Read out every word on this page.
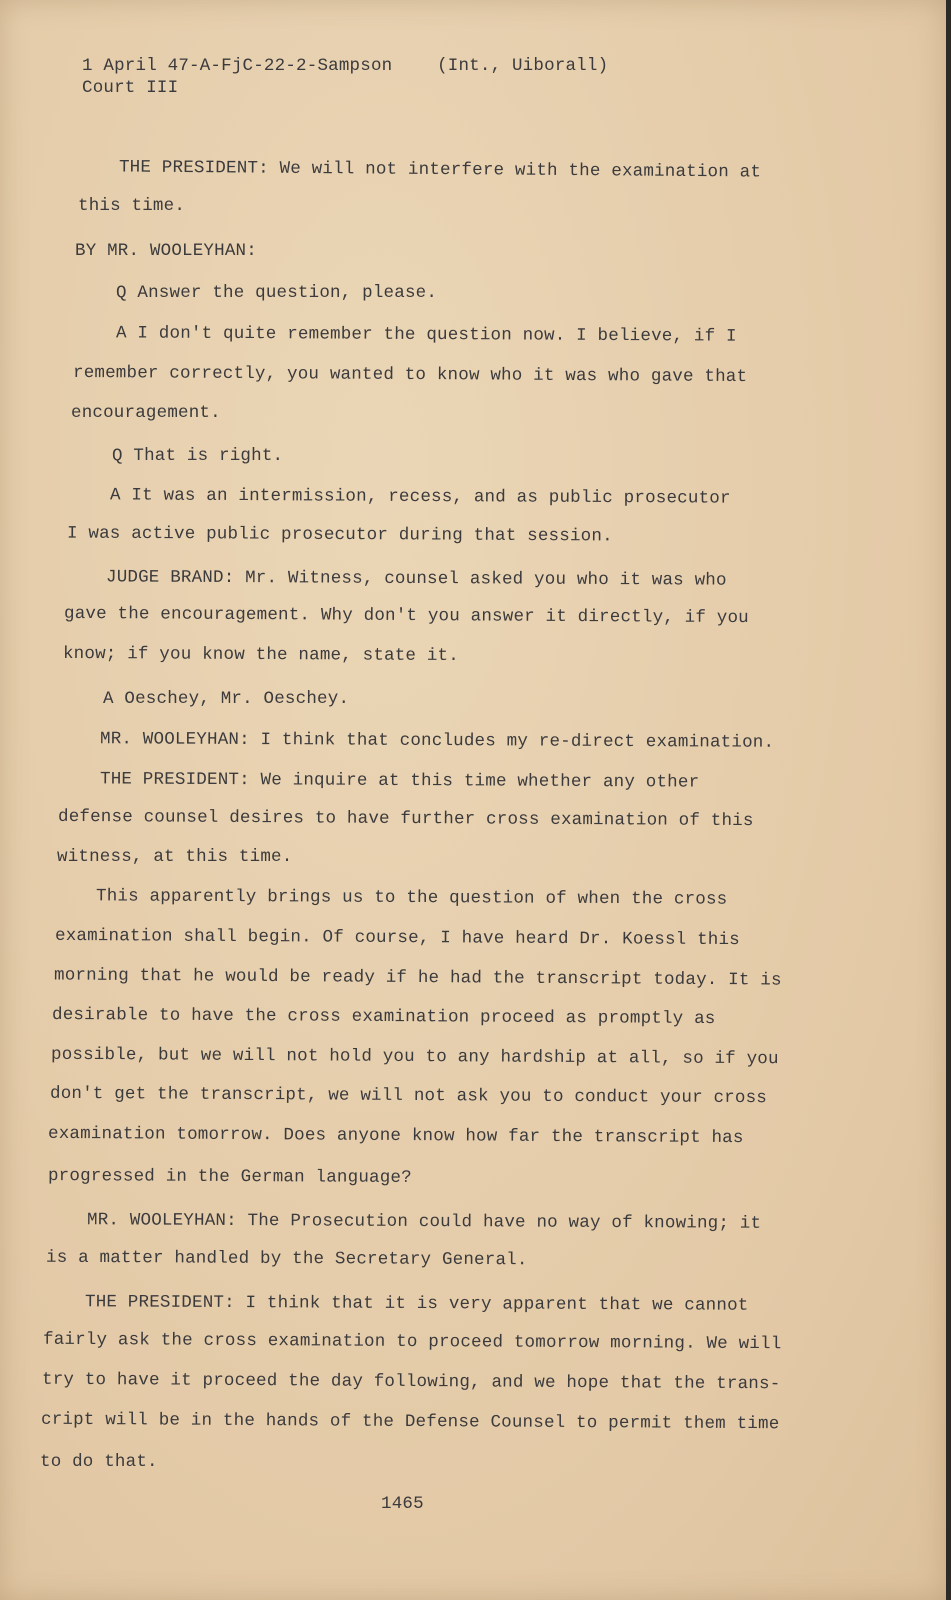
1 April 47-A-FjC-22-2-Sampson	(Int., Uiborall)
Court III
THE PRESIDENT: We will not interfere with the examination at
this time.
BY MR. WOOLEYHAN:
Q Answer the question, please.
A I don't quite remember the question now. I believe, if I
remember correctly, you wanted to know who it was who gave that
encouragement.
Q That is right.
A It was an intermission, recess, and as public prosecutor
I was active public prosecutor during that session.
JUDGE BRAND: Mr. Witness, counsel asked you who it was who
gave the encouragement. Why don't you answer it directly, if you
know; if you know the name, state it.
A Oeschey, Mr. Oeschey.
MR. WOOLEYHAN: I think that concludes my re-direct examination.
THE PRESIDENT: We inquire at this time whether any other
defense counsel desires to have further cross examination of this
witness, at this time.
This apparently brings us to the question of when the cross
examination shall begin. Of course, I have heard Dr. Koessl this
morning that he would be ready if he had the transcript today. It is
desirable to have the cross examination proceed as promptly as
possible, but we will not hold you to any hardship at all, so if you
don't get the transcript, we will not ask you to conduct your cross
examination tomorrow. Does anyone know how far the transcript has
progressed in the German language?
MR. WOOLEYHAN: The Prosecution could have no way of knowing; it
is a matter handled by the Secretary General.
THE PRESIDENT: I think that it is very apparent that we cannot
fairly ask the cross examination to proceed tomorrow morning. We will
try to have it proceed the day following, and we hope that the trans-
cript will be in the hands of the Defense Counsel to permit them time
to do that.
1465
